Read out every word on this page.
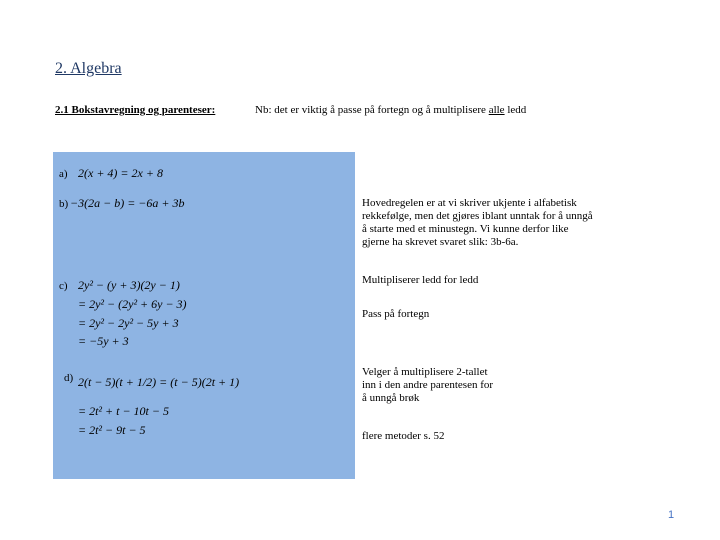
2. Algebra
2.1 Bokstavregning og parenteser:	Nb: det er viktig å passe på fortegn og å multiplisere alle ledd
a) 2(x + 4) = 2x + 8
b) −3(2a − b) = −6a + 3b
c) 2y² − (y + 3)(2y − 1)
= 2y² − (2y² + 6y − 3)
= 2y² − 2y² − 5y + 3
= −5y + 3
d) 2(t − 5)(t + 1/2) = (t − 5)(2t + 1)
= 2t² + t − 10t − 5
= 2t² − 9t − 5
Hovedregelen er at vi skriver ukjente i alfabetisk
rekkefølge, men det gjøres iblant unntak for å unngå
å starte med et minustegn. Vi kunne derfor like
gjerne ha skrevet svaret slik: 3b-6a.
Multipliserer ledd for ledd
Pass på fortegn
Velger å multiplisere 2-tallet
inn i den andre parentesen for
å unngå brøk
flere metoder s. 52
1
